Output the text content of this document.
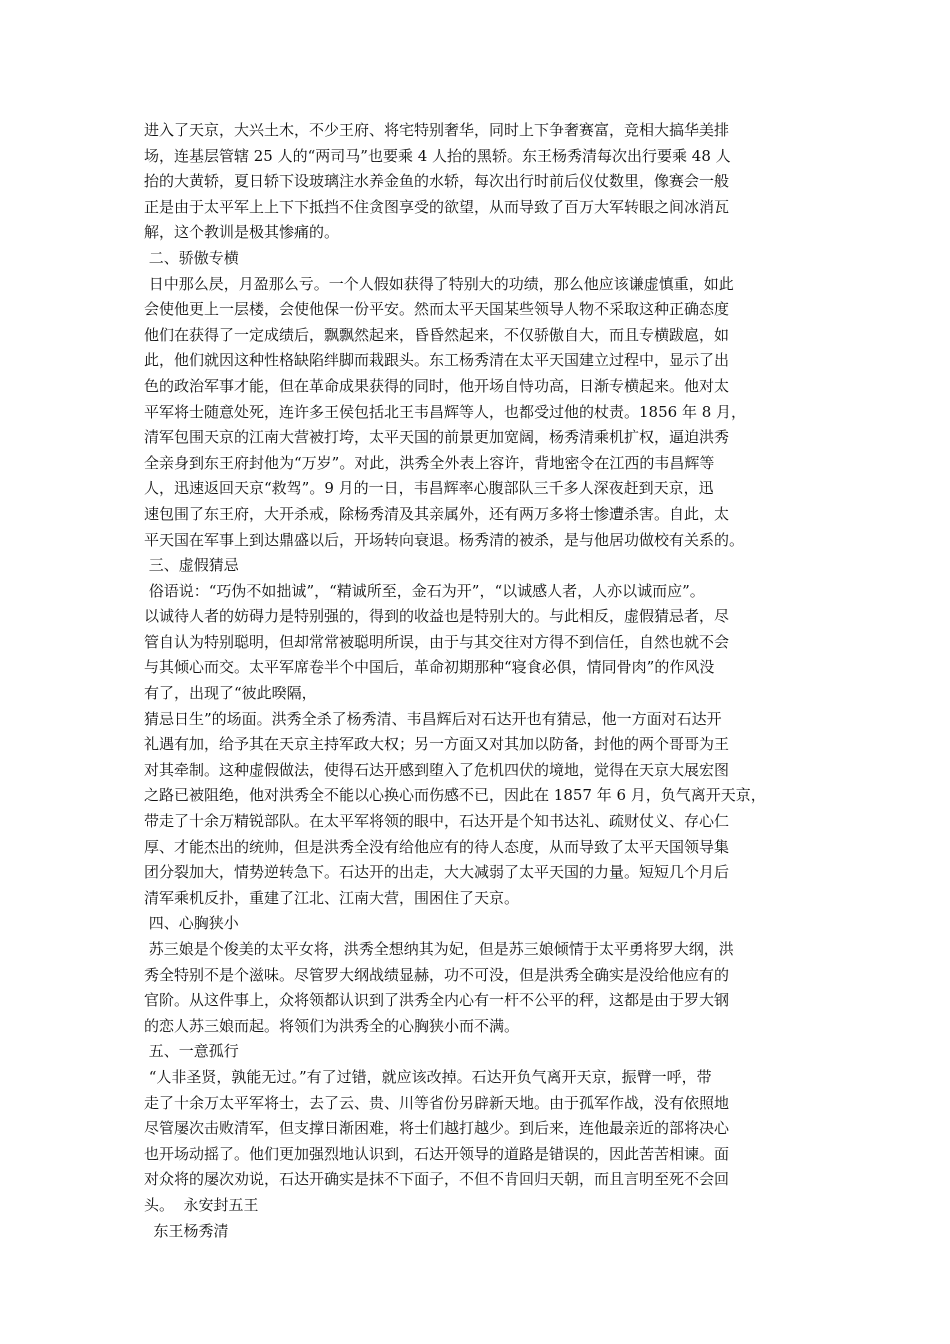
进入了天京，大兴土木，不少王府、将宅特别奢华，同时上下争奢赛富，竞相大搞华美排

场，连基层管辖 25 人的“两司马”也要乘 4 人抬的黑轿。东王杨秀清每次出行要乘 48 人

抬的大黄轿，夏日轿下设玻璃注水养金鱼的水轿，每次出行时前后仪仗数里，像赛会一般

正是由于太平军上上下下抵挡不住贪图享受的欲望，从而导致了百万大军转眼之间冰消瓦

解，这个教训是极其惨痛的。

二、骄傲专横

日中那么昃，月盈那么亏。一个人假如获得了特别大的功绩，那么他应该谦虚慎重，如此

会使他更上一层楼，会使他保一份平安。然而太平天国某些领导人物不采取这种正确态度

他们在获得了一定成绩后，飘飘然起来，昏昏然起来，不仅骄傲自大，而且专横跋扈，如

此，他们就因这种性格缺陷绊脚而栽跟头。东工杨秀清在太平天国建立过程中，显示了出

色的政治军事才能，但在革命成果获得的同时，他开场自恃功高，日渐专横起来。他对太

平军将士随意处死，连许多王侯包括北王韦昌辉等人，也都受过他的杖责。1856 年 8 月，

清军包围天京的江南大营被打垮，太平天国的前景更加宽阔，杨秀清乘机扩权，逼迫洪秀

全亲身到东王府封他为“万岁”。对此，洪秀全外表上容许，背地密令在江西的韦昌辉等

人，迅速返回天京“救驾”。9 月的一日，韦昌辉率心腹部队三千多人深夜赶到天京，迅

速包围了东王府，大开杀戒，除杨秀清及其亲属外，还有两万多将士惨遭杀害。自此，太

平天国在军事上到达鼎盛以后，开场转向衰退。杨秀清的被杀，是与他居功做校有关系的。

三、虚假猜忌

俗语说：“巧伪不如拙诚”，“精诚所至，金石为开”，“以诚感人者，人亦以诚而应”。

以诚待人者的妨碍力是特别强的，得到的收益也是特别大的。与此相反，虚假猜忌者，尽

管自认为特别聪明，但却常常被聪明所误，由于与其交往对方得不到信任，自然也就不会

与其倾心而交。太平军席卷半个中国后，革命初期那种“寝食必俱，情同骨肉”的作风没

有了，出现了“彼此暌隔，

猜忌日生”的场面。洪秀全杀了杨秀清、韦昌辉后对石达开也有猜忌，他一方面对石达开

礼遇有加，给予其在天京主持军政大权；另一方面又对其加以防备，封他的两个哥哥为王

对其牵制。这种虚假做法，使得石达开感到堕入了危机四伏的境地，觉得在天京大展宏图

之路已被阻绝，他对洪秀全不能以心换心而伤感不已，因此在 1857 年 6 月，负气离开天京，

带走了十余万精锐部队。在太平军将领的眼中，石达开是个知书达礼、疏财仗义、存心仁

厚、才能杰出的统帅，但是洪秀全没有给他应有的待人态度，从而导致了太平天国领导集

团分裂加大，情势逆转急下。石达开的出走，大大减弱了太平天国的力量。短短几个月后

清军乘机反扑，重建了江北、江南大营，围困住了天京。

四、心胸狭小

苏三娘是个俊美的太平女将，洪秀全想纳其为妃，但是苏三娘倾情于太平勇将罗大纲，洪

秀全特别不是个滋味。尽管罗大纲战绩显赫，功不可没，但是洪秀全确实是没给他应有的

官阶。从这件事上，众将领都认识到了洪秀全内心有一杆不公平的秤，这都是由于罗大钢

的恋人苏三娘而起。将领们为洪秀全的心胸狭小而不满。

五、一意孤行

“人非圣贤，孰能无过。”有了过错，就应该改掉。石达开负气离开天京，振臂一呼，带

走了十余万太平军将士，去了云、贵、川等省份另辟新天地。由于孤军作战，没有依照地

尽管屡次击败清军，但支撑日渐困难，将士们越打越少。到后来，连他最亲近的部将决心

也开场动摇了。他们更加强烈地认识到，石达开领导的道路是错误的，因此苦苦相谏。面

对众将的屡次劝说，石达开确实是抹不下面子，不但不肯回归天朝，而且言明至死不会回

头。  永安封五王

东王杨秀清
